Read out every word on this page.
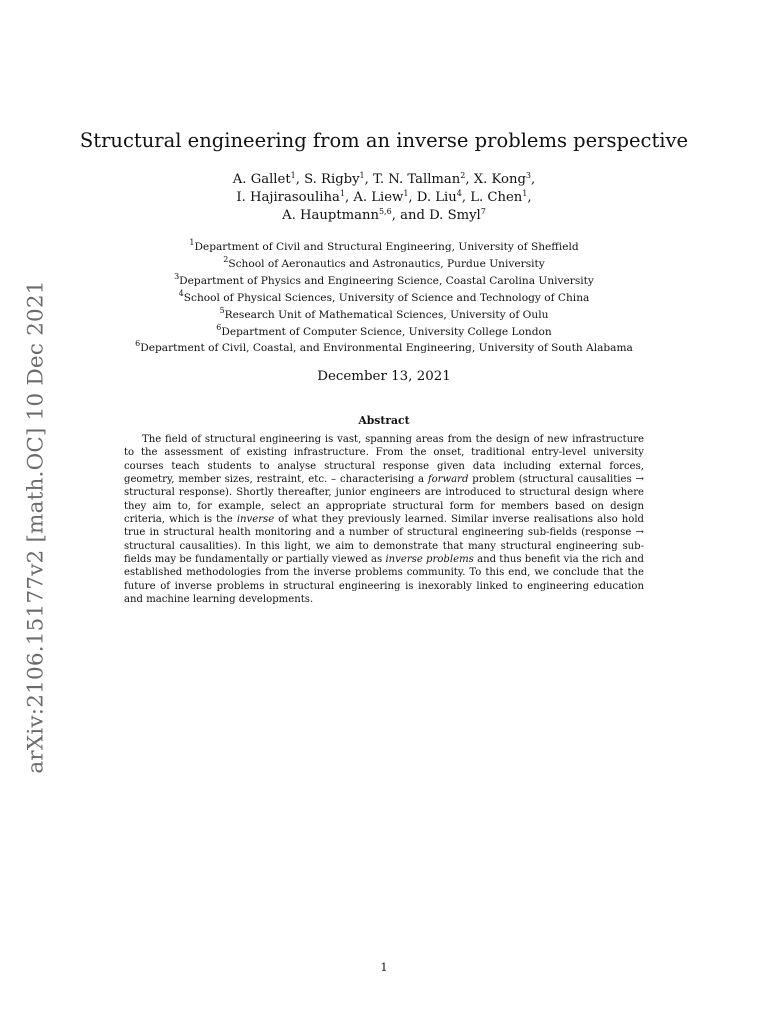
arXiv:2106.15177v2 [math.OC] 10 Dec 2021
Structural engineering from an inverse problems perspective
A. Gallet$^1$, S. Rigby$^1$, T. N. Tallman$^2$, X. Kong$^3$,
I. Hajirasouliha$^1$, A. Liew$^1$, D. Liu$^4$, L. Chen$^1$,
A. Hauptmann$^{5,6}$, and D. Smyl$^7$
$^1$Department of Civil and Structural Engineering, University of Sheffield
$^2$School of Aeronautics and Astronautics, Purdue University
$^3$Department of Physics and Engineering Science, Coastal Carolina University
$^4$School of Physical Sciences, University of Science and Technology of China
$^5$Research Unit of Mathematical Sciences, University of Oulu
$^6$Department of Computer Science, University College London
$^6$Department of Civil, Coastal, and Environmental Engineering, University of South Alabama
December 13, 2021
Abstract

The field of structural engineering is vast, spanning areas from the design of new infrastructure to the assessment of existing infrastructure. From the onset, traditional entry-level university courses teach students to analyse structural response given data including external forces, geometry, member sizes, restraint, etc. – characterising a forward problem (structural causalities → structural response). Shortly thereafter, junior engineers are introduced to structural design where they aim to, for example, select an appropriate structural form for members based on design criteria, which is the inverse of what they previously learned. Similar inverse realisations also hold true in structural health monitoring and a number of structural engineering sub-fields (response → structural causalities). In this light, we aim to demonstrate that many structural engineering sub-fields may be fundamentally or partially viewed as inverse problems and thus benefit via the rich and established methodologies from the inverse problems community. To this end, we conclude that the future of inverse problems in structural engineering is inexorably linked to engineering education and machine learning developments.

1
